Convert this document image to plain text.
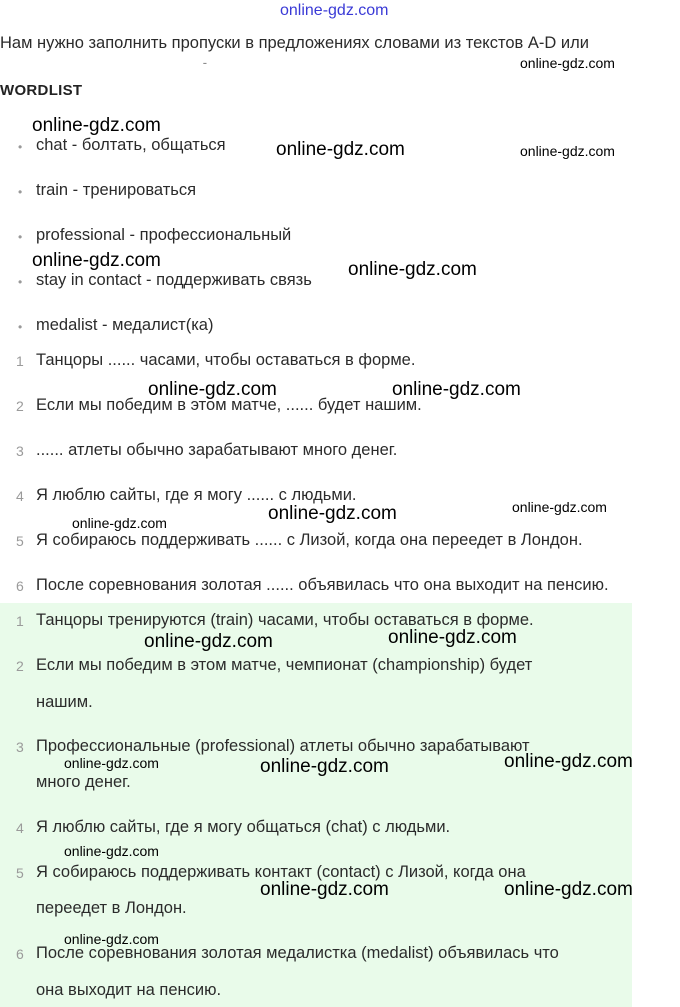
online-gdz.com
Нам нужно заполнить пропуски в предложениях словами из текстов A-D или
ˉ
WORDLIST
• chat - болтать, общаться
• train - тренироваться
• professional - профессиональный
• stay in contact - поддерживать связь
• medalist - медалист(ка)
1 Танцоры ...... часами, чтобы оставаться в форме.
2 Если мы победим в этом матче, ...... будет нашим.
3 ...... атлеты обычно зарабатывают много денег.
4 Я люблю сайты, где я могу ...... с людьми.
5 Я собираюсь поддерживать ...... с Лизой, когда она переедет в Лондон.
6 После соревнования золотая ...... объявилась что она выходит на пенсию.
1 Танцоры тренируются (train) часами, чтобы оставаться в форме.
2 Если мы победим в этом матче, чемпионат (championship) будет
нашим.
3 Профессиональные (professional) атлеты обычно зарабатывают
много денег.
4 Я люблю сайты, где я могу общаться (chat) с людьми.
5 Я собираюсь поддерживать контакт (contact) с Лизой, когда она
переедет в Лондон.
6 После соревнования золотая медалистка (medalist) объявилась что
она выходит на пенсию.
online-gdz.com
online-gdz.com
online-gdz.com	online-gdz.com
online-gdz.com	online-gdz.com
online-gdz.com	online-gdz.com
online-gdz.com
online-gdz.com
online-gdz.com
online-gdz.com
online-gdz.com
online-gdz.com
online-gdz.com	online-gdz.com
online-gdz.com
online-gdz.com	online-gdz.com
online-gdz.com
